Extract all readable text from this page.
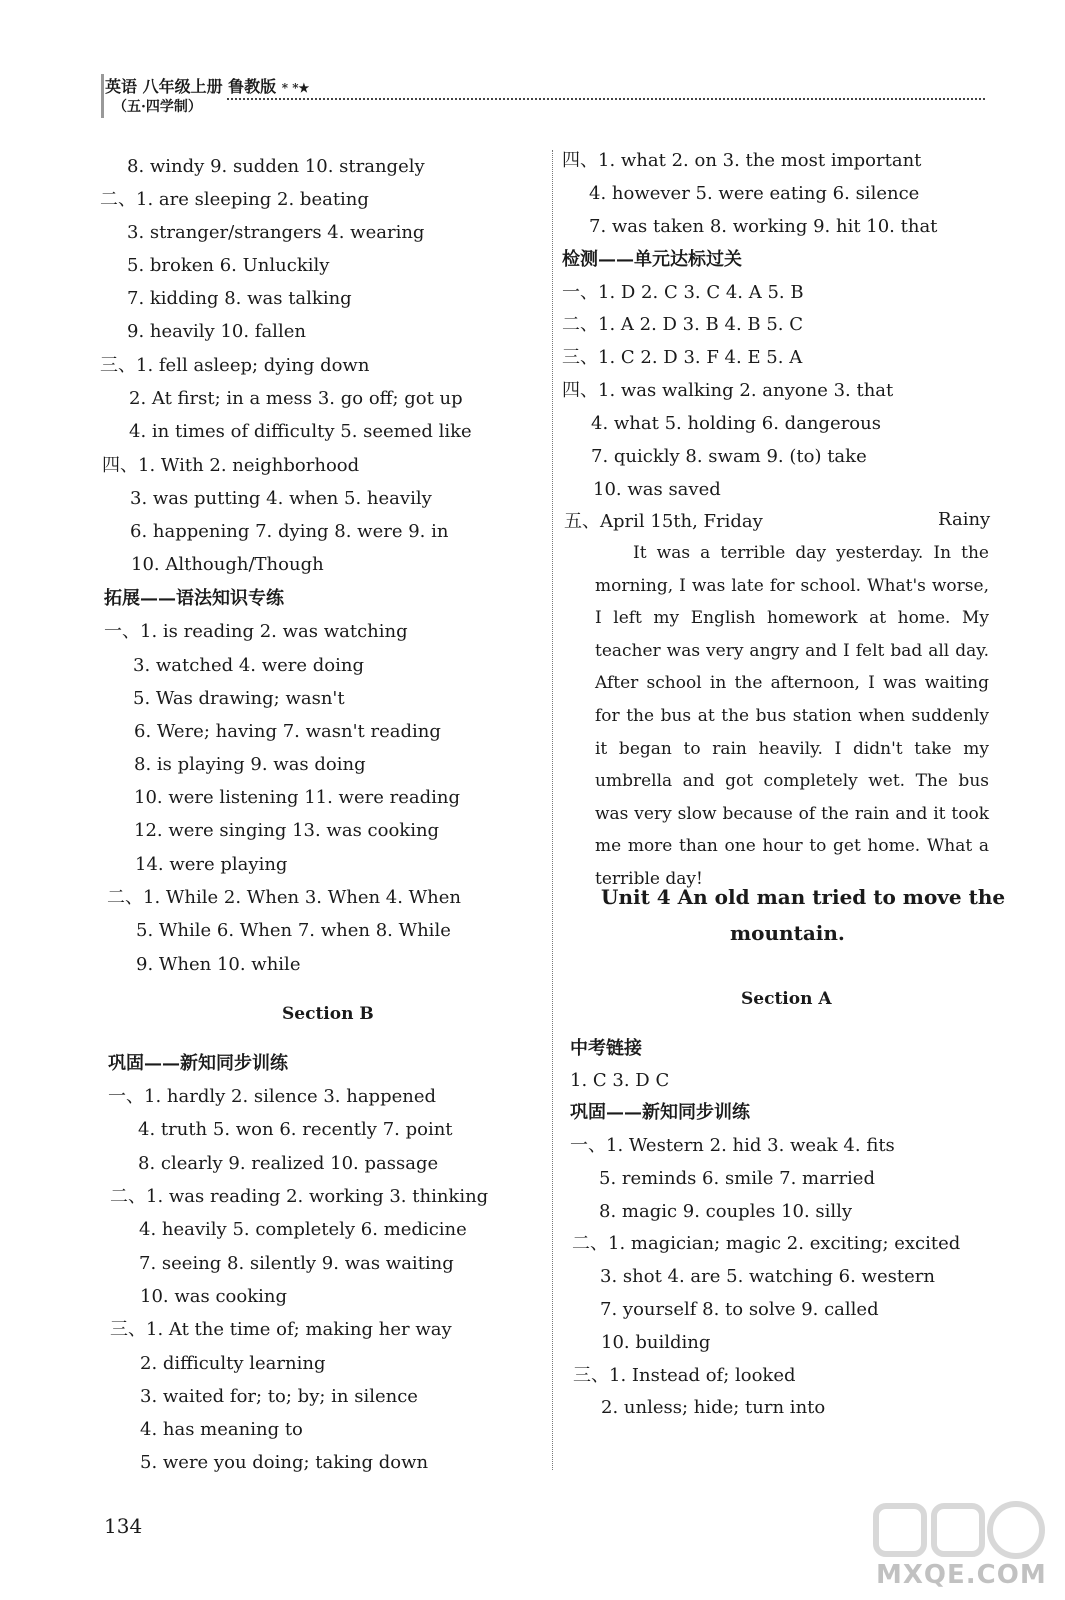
英语 八年级上册 鲁教版 * *★
（五·四学制）
8. windy 9. sudden 10. strangely
二、1. are sleeping 2. beating
3. stranger/strangers 4. wearing
5. broken 6. Unluckily
7. kidding 8. was talking
9. heavily 10. fallen
三、1. fell asleep; dying down
2. At first; in a mess 3. go off; got up
4. in times of difficulty 5. seemed like
四、1. With 2. neighborhood
3. was putting 4. when 5. heavily
6. happening 7. dying 8. were 9. in
10. Although/Though
拓展——语法知识专练
一、1. is reading 2. was watching
3. watched 4. were doing
5. Was drawing; wasn't
6. Were; having 7. wasn't reading
8. is playing 9. was doing
10. were listening 11. were reading
12. were singing 13. was cooking
14. were playing
二、1. While 2. When 3. When 4. When
5. While 6. When 7. when 8. While
9. When 10. while
Section B
巩固——新知同步训练
一、1. hardly 2. silence 3. happened
4. truth 5. won 6. recently 7. point
8. clearly 9. realized 10. passage
二、1. was reading 2. working 3. thinking
4. heavily 5. completely 6. medicine
7. seeing 8. silently 9. was waiting
10. was cooking
三、1. At the time of; making her way
2. difficulty learning
3. waited for; to; by; in silence
4. has meaning to
5. were you doing; taking down
四、1. what 2. on 3. the most important
4. however 5. were eating 6. silence
7. was taken 8. working 9. hit 10. that
检测——单元达标过关
一、1. D 2. C 3. C 4. A 5. B
二、1. A 2. D 3. B 4. B 5. C
三、1. C 2. D 3. F 4. E 5. A
四、1. was walking 2. anyone 3. that
4. what 5. holding 6. dangerous
7. quickly 8. swam 9. (to) take
10. was saved
五、April 15th, Friday	Rainy
It was a terrible day yesterday. In the morning, I was late for school. What's worse, I left my English homework at home. My teacher was very angry and I felt bad all day. After school in the afternoon, I was waiting for the bus at the bus station when suddenly it began to rain heavily. I didn't take my umbrella and got completely wet. The bus was very slow because of the rain and it took me more than one hour to get home. What a terrible day!
Unit 4 An old man tried to move the
mountain.
Section A
中考链接
1. C 3. D C
巩固——新知同步训练
一、1. Western 2. hid 3. weak 4. fits
5. reminds 6. smile 7. married
8. magic 9. couples 10. silly
二、1. magician; magic 2. exciting; excited
3. shot 4. are 5. watching 6. western
7. yourself 8. to solve 9. called
10. building
三、1. Instead of; looked
2. unless; hide; turn into
134
MXQE.COM
